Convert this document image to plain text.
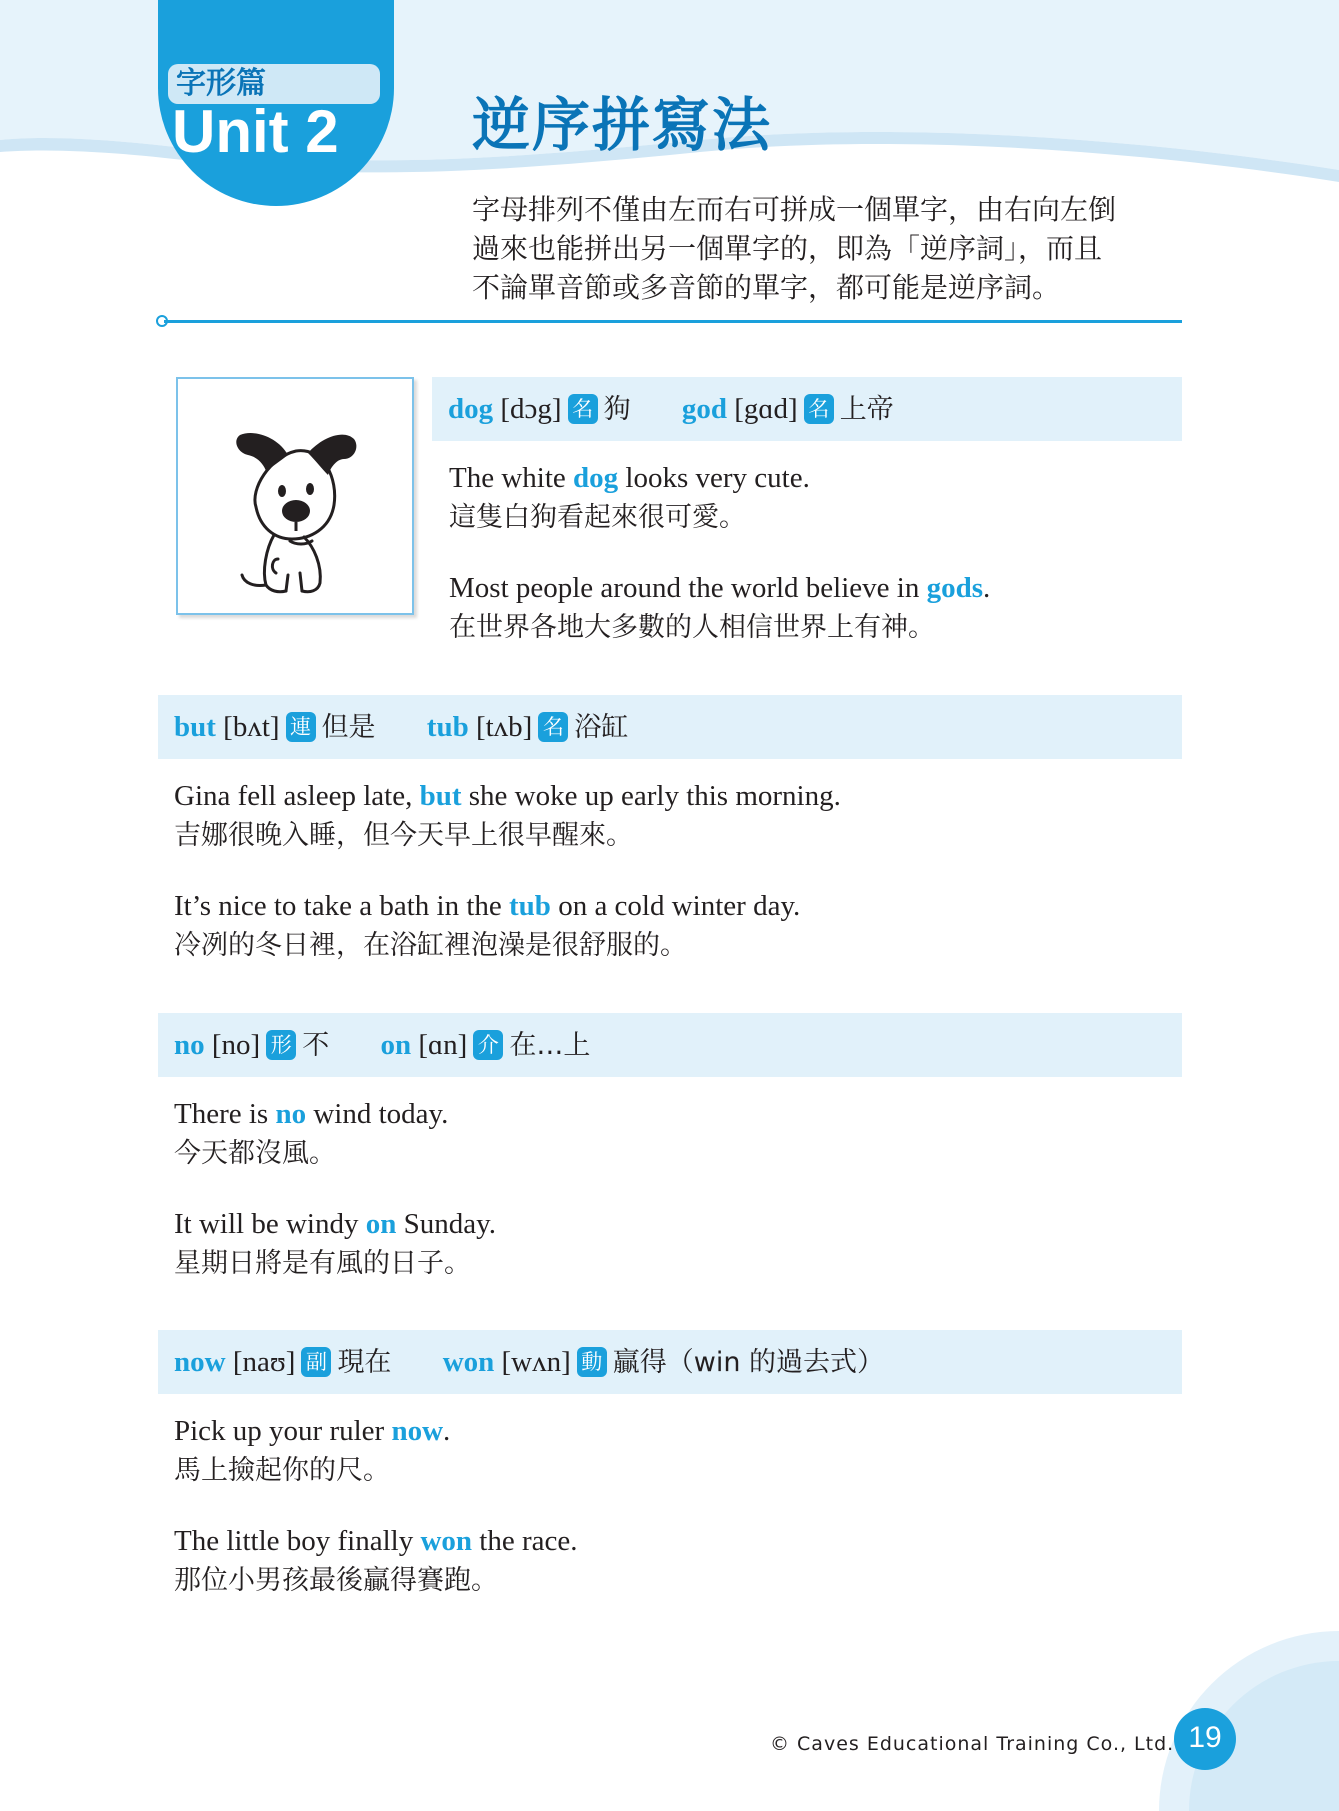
字形篇
Unit 2 逆序拼寫法
字母排列不僅由左而右可拼成一個單字，由右向左倒
過來也能拼出另一個單字的，即為「逆序詞」，而且
不論單音節或多音節的單字，都可能是逆序詞。
dog [dɔg] 名 狗 god [gɑd] 名 上帝
The white dog looks very cute.
這隻白狗看起來很可愛。
Most people around the world believe in gods.
在世界各地大多數的人相信世界上有神。
but [bʌt] 連 但是 tub [tʌb] 名 浴缸
Gina fell asleep late, but she woke up early this morning.
吉娜很晚入睡，但今天早上很早醒來。
It’s nice to take a bath in the tub on a cold winter day.
冷冽的冬日裡，在浴缸裡泡澡是很舒服的。
no [no] 形 不 on [ɑn] 介 在…上
There is no wind today.
今天都沒風。
It will be windy on Sunday.
星期日將是有風的日子。
now [naʊ] 副 現在 won [wʌn] 動 贏得（win 的過去式）
Pick up your ruler now.
馬上撿起你的尺。
The little boy finally won the race.
那位小男孩最後贏得賽跑。
© Caves Educational Training Co., Ltd. 19
